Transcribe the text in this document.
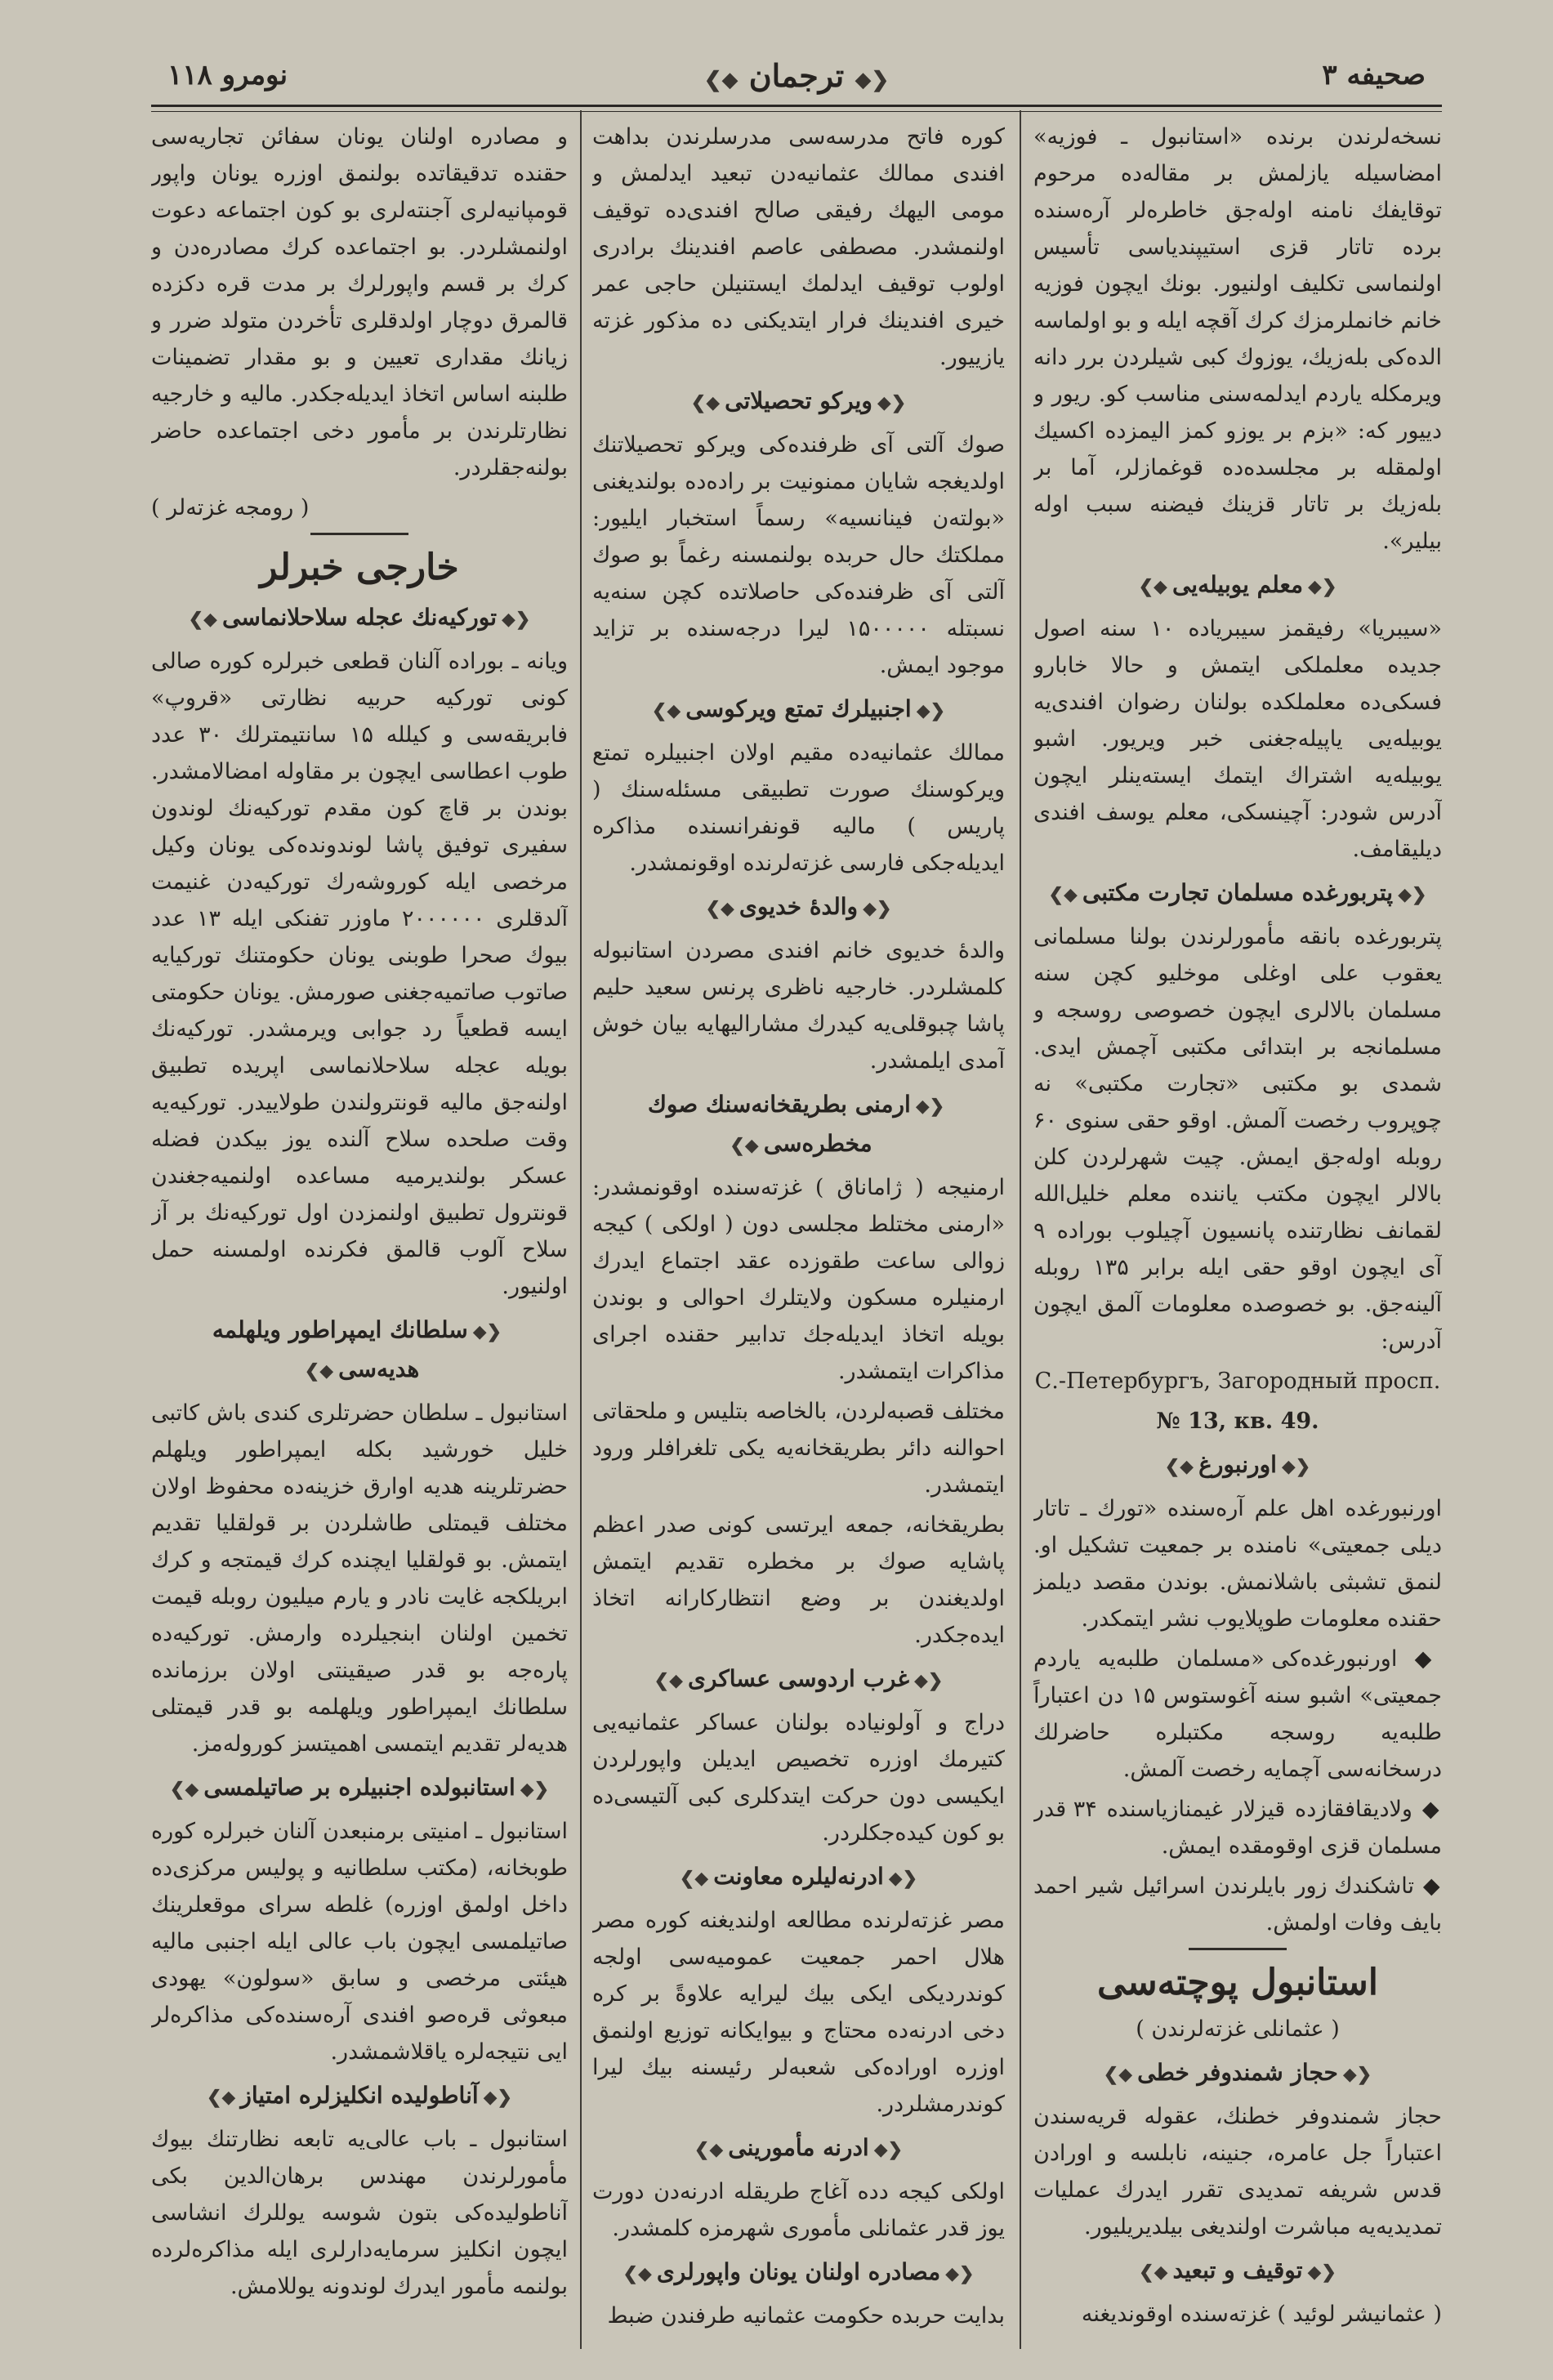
صحیفه ۳
❮◆ ترجمان ◆❯
نومرو ۱۱۸

نسخه‌لرندن برنده «استانبول ـ فوزیه» امضاسیله یازلمش بر مقاله‌ده مرحوم توقایفك نامنه اوله‌جق خاطره‌لر آره‌سنده برده تاتار قزی استیپندیاسی تأسیس اولنماسی تکلیف اولنیور. بونك ایچون فوزیه خانم خانملرمزك کرك آقچه ایله و بو اولماسه الده‌کی بله‌زیك، یوزوك کبی شیلردن برر دانه ویرمکله یاردم ایدلمه‌سنی مناسب کو. ریور و دییور که: «بزم بر یوزو کمز الیمزده اکسیك اولمقله بر مجلسده‌ده قوغمازلر، آما بر بله‌زیك بر تاتار قزینك فیضنه سبب اوله بیلیر».

❮◆معلم یوبیله‌یی◆❯

«سیبریا» رفیقمز سیبریاده ۱۰ سنه اصول جدیده معلملکی ایتمش و حالا خابارو فسکی‌ده معلملکده بولنان رضوان افندی‌یه یوبیله‌یی یاپیله‌جغنی خبر ویریور. اشبو یوبیله‌یه اشتراك ایتمك ایسته‌ینلر ایچون آدرس شودر: آچینسکی، معلم یوسف افندی دیلیقامف.

❮◆پتربورغده مسلمان تجارت مکتبی◆❯

پتربورغده بانقه مأمورلرندن بولنا مسلمانی یعقوب علی اوغلی موخلیو کچن سنه مسلمان بالالری ایچون خصوصی روسجه و مسلمانجه بر ابتدائی مکتبی آچمش ایدی. شمدی بو مکتبی «تجارت مکتبی» نه چوپروب رخصت آلمش. اوقو حقی سنوی ۶۰ روبله اوله‌جق ایمش. چیت شهرلردن کلن بالالر ایچون مکتب یاننده معلم خلیل‌الله لقمانف نظارتنده پانسیون آچیلوب بوراده ۹ آی ایچون اوقو حقی ایله برابر ۱۳۵ روبله آلینه‌جق. بو خصوصده معلومات آلمق ایچون آدرس:

С.-Петербургъ, Загородный просп.

№ 13, кв. 49.

❮◆اورنبورغ◆❯

اورنبورغده اهل علم آره‌سنده «تورك ـ تاتار دیلی جمعیتی» نامنده بر جمعیت تشکیل او. لنمق تشبثی باشلانمش. بوندن مقصد دیلمز حقنده معلومات طوپلایوب نشر ایتمکدر.

◆ اورنبورغده‌کی «مسلمان طلبه‌یه یاردم جمعیتی» اشبو سنه آغوستوس ۱۵ دن اعتباراً طلبه‌یه روسجه مکتبلره حاضرلك درسخانه‌سی آچمایه رخصت آلمش.

◆ ولادیقافقازده قیزلار غیمنازیاسنده ۳۴ قدر مسلمان قزی اوقومقده ایمش.

◆ تاشکندك زور بایلرندن اسرائیل شیر احمد بایف وفات اولمش.

استانبول پوچته‌سی
( عثمانلی غزته‌لرندن )
❮◆حجاز شمندوفر خطی◆❯

حجاز شمندوفر خطنك، عقوله قریه‌سندن اعتباراً جل عامره، جنینه، نابلسه و اورادن قدس شریفه تمدیدی تقرر ایدرك عملیات تمدیدیه‌یه مباشرت اولندیغی بیلدیریلیور.

❮◆توقیف و تبعید◆❯

( عثمانیشر لوئید ) غزته‌سنده اوقوندیغنه

کوره فاتح مدرسه‌سی مدرسلرندن بداهت افندی ممالك عثمانیه‌دن تبعید ایدلمش و مومی الیهك رفیقی صالح افندی‌ده توقیف اولنمشدر. مصطفی عاصم افندینك برادری اولوب توقیف ایدلمك ایستنیلن حاجی عمر خیری افندینك فرار ایتدیکنی ده مذکور غزته یازییور.

❮◆ویرکو تحصیلاتی◆❯

صوك آلتی آی ظرفنده‌کی ویرکو تحصیلاتنك اولدیغجه شایان ممنونیت بر راده‌ده بولندیغنی «بولته‌ن فینانسیه» رسماً استخبار ایلیور: مملکتك حال حربده بولنمسنه رغماً بو صوك آلتی آی ظرفنده‌کی حاصلاتده کچن سنه‌یه نسبتله ۱۵۰۰۰۰۰ لیرا درجه‌سنده بر تزاید موجود ایمش.

❮◆اجنبیلرك تمتع ویرکوسی◆❯

ممالك عثمانیه‌ده مقیم اولان اجنبیلره تمتع ویرکوسنك صورت تطبیقی مسئله‌سنك ( پاریس ) مالیه قونفرانسنده مذاکره ایدیله‌جکی فارسی غزته‌لرنده اوقونمشدر.

❮◆والدهٔ خدیوی◆❯

والدهٔ خدیوی خانم افندی مصردن استانبوله کلمشلردر. خارجیه ناظری پرنس سعید حلیم پاشا چبوقلی‌یه کیدرك مشارالیهایه بیان خوش آمدی ایلمشدر.

❮◆ارمنی بطریقخانه‌سنك صوك مخطره‌سی◆❯

ارمنیجه ( ژاماناق ) غزته‌سنده اوقونمشدر: «ارمنی مختلط مجلسی دون ( اولکی ) کیجه زوالی ساعت طقوزده عقد اجتماع ایدرك ارمنیلره مسکون ولایتلرك احوالی و بوندن بویله اتخاذ ایدیله‌جك تدابیر حقنده اجرای مذاکرات ایتمشدر.

مختلف قصبه‌لردن، بالخاصه بتلیس و ملحقاتی احوالنه دائر بطریقخانه‌یه یکی تلغرافلر ورود ایتمشدر.

بطریقخانه، جمعه ایرتسی کونی صدر اعظم پاشایه صوك بر مخطره تقدیم ایتمش اولدیغندن بر وضع انتظارکارانه اتخاذ ایده‌جکدر.

❮◆غرب اردوسی عساکری◆❯

دراج و آولونیاده بولنان عساکر عثمانیه‌یی کتیرمك اوزره تخصیص ایدیلن واپورلردن ایکیسی دون حرکت ایتدکلری کبی آلتیسی‌ده بو کون کیده‌جکلردر.

❮◆ادرنه‌لیلره معاونت◆❯

مصر غزته‌لرنده مطالعه اولندیغنه کوره مصر هلال احمر جمعیت عمومیه‌سی اولجه کوندردیکی ایکی بیك لیرایه علاوةً بر کره دخی ادرنه‌ده محتاج و بیوایکانه توزیع اولنمق اوزره اوراده‌کی شعبه‌لر رئیسنه بیك لیرا کوندرمشلردر.

❮◆ادرنه مأمورینی◆❯

اولکی کیجه دده آغاج طریقله ادرنه‌دن دورت یوز قدر عثمانلی مأموری شهرمزه کلمشدر.

❮◆مصادره اولنان یونان واپورلری◆❯

بدایت حربده حکومت عثمانیه طرفندن ضبط

و مصادره اولنان یونان سفائن تجاریه‌سی حقنده تدقیقاتده بولنمق اوزره یونان واپور قومپانیه‌لری آجنته‌لری بو کون اجتماعه دعوت اولنمشلردر. بو اجتماعده کرك مصادره‌دن و کرك بر قسم واپورلرك بر مدت قره دکزده قالمرق دوچار اولدقلری تأخردن متولد ضرر و زیانك مقداری تعیین و بو مقدار تضمینات طلبنه اساس اتخاذ ایدیله‌جکدر. مالیه و خارجیه نظارتلرندن بر مأمور دخی اجتماعده حاضر بولنه‌جقلردر.

( رومجه غزته‌لر )

خارجی خبرلر
❮◆تورکیه‌نك عجله سلاحلانماسی◆❯

ویانه ـ بوراده آلنان قطعی خبرلره کوره صالی کونی تورکیه حربیه نظارتی «قروپ» فابریقه‌سی و کیلله ۱۵ سانتیمترلك ۳۰ عدد طوب اعطاسی ایچون بر مقاوله امضالامشدر. بوندن بر قاچ کون مقدم تورکیه‌نك لوندون سفیری توفیق پاشا لوندونده‌کی یونان وکیل مرخصی ایله کوروشه‌رك تورکیه‌دن غنیمت آلدقلری ۲۰۰۰۰۰۰ ماوزر تفنکی ایله ۱۳ عدد بیوك صحرا طوبنی یونان حکومتنك تورکیایه صاتوب صاتمیه‌جغنی صورمش. یونان حکومتی ایسه قطعیاً رد جوابی ویرمشدر. تورکیه‌نك بویله عجله سلاحلانماسی اپریده تطبیق اولنه‌جق مالیه قونترولندن طولاییدر. تورکیه‌یه وقت صلحده سلاح آلنده یوز بیکدن فضله عسکر بولندیرمیه مساعده اولنمیه‌جغندن قونترول تطبیق اولنمزدن اول تورکیه‌نك بر آز سلاح آلوب قالمق فکرنده اولمسنه حمل اولنیور.

❮◆سلطانك ایمپراطور ویلهلمه هدیه‌سی◆❯

استانبول ـ سلطان حضرتلری کندی باش کاتبی خلیل خورشید بکله ایمپراطور ویلهلم حضرتلرینه هدیه اوارق خزینه‌ده محفوظ اولان مختلف قیمتلی طاشلردن بر قولقلیا تقدیم ایتمش. بو قولقلیا ایچنده کرك قیمتجه و کرك ابریلکجه غایت نادر و یارم میلیون روبله قیمت تخمین اولنان ابنجیلرده وارمش. تورکیه‌ده پاره‌جه بو قدر صیقینتی اولان برزمانده سلطانك ایمپراطور ویلهلمه بو قدر قیمتلی هدیه‌لر تقدیم ایتمسی اهمیتسز کوروله‌مز.

❮◆استانبولده اجنبیلره بر صاتیلمسی◆❯

استانبول ـ امنیتی برمنبعدن آلنان خبرلره کوره طوبخانه، (مکتب سلطانیه و پولیس مرکزی‌ده داخل اولمق اوزره) غلطه سرای موقعلرینك صاتیلمسی ایچون باب عالی ایله اجنبی مالیه هیئتی مرخصی و سابق «سولون» یهودی مبعوثی قره‌صو افندی آره‌سنده‌کی مذاکره‌لر ایی نتیجه‌لره یاقلاشمشدر.

❮◆آناطولیده انکلیزلره امتیاز◆❯

استانبول ـ باب عالی‌یه تابعه نظارتنك بیوك مأمورلرندن مهندس برهان‌الدین بکی آناطولیده‌کی بتون شوسه یوللرك انشاسی ایچون انکلیز سرمایه‌دارلری ایله مذاکره‌لرده بولنمه مأمور ایدرك لوندونه یوللامش.
